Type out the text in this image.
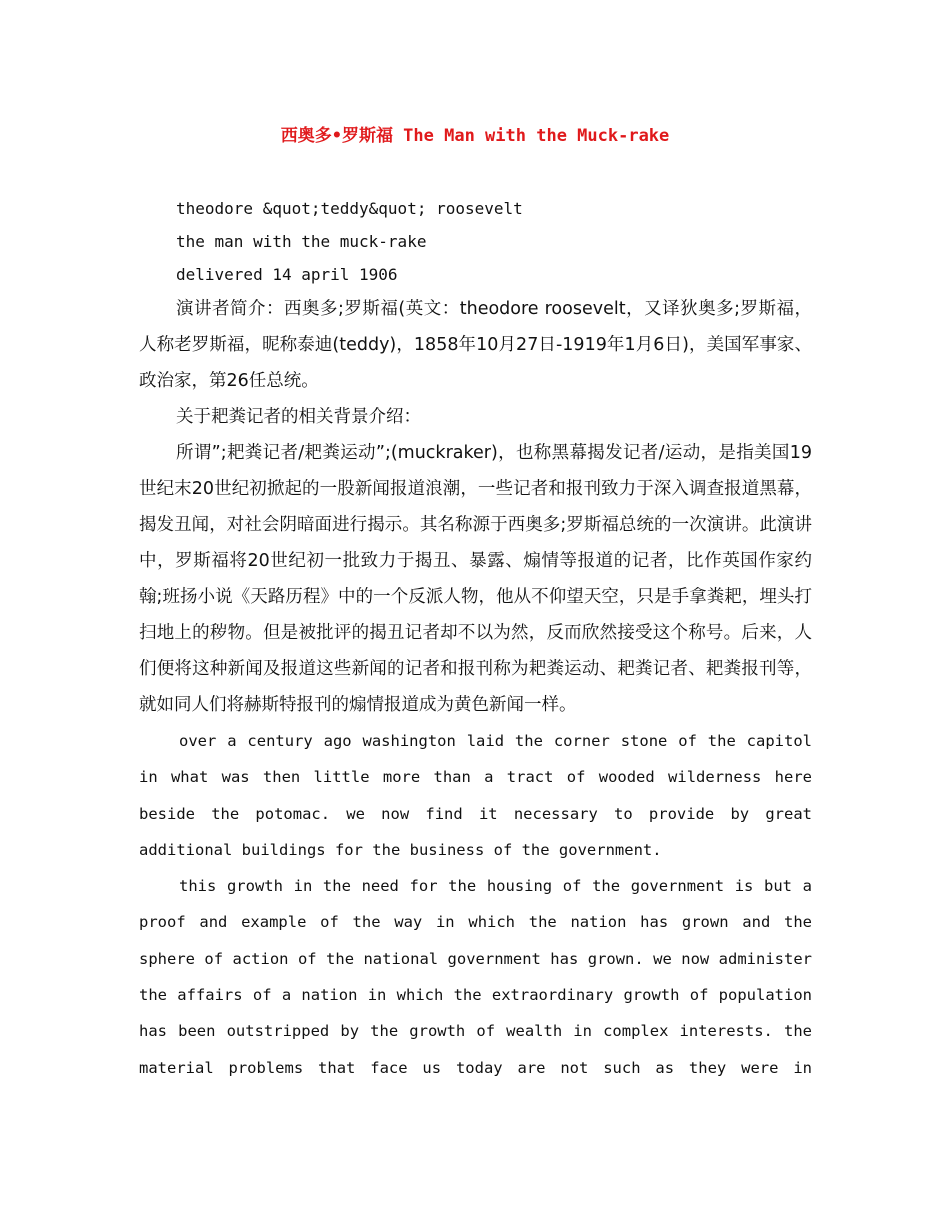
西奥多•罗斯福 The Man with the Muck-rake

theodore &quot;teddy&quot; roosevelt

the man with the muck-rake

delivered 14 april 1906

演讲者简介：西奥多;罗斯福(英文：theodore roosevelt，又译狄奥多;罗斯福，人称老罗斯福，昵称泰迪(teddy)，1858年10月27日-1919年1月6日)，美国军事家、政治家，第26任总统。

关于耙粪记者的相关背景介绍：

所谓”;耙粪记者/耙粪运动”;(muckraker)，也称黑幕揭发记者/运动，是指美国19世纪末20世纪初掀起的一股新闻报道浪潮，一些记者和报刊致力于深入调查报道黑幕，揭发丑闻，对社会阴暗面进行揭示。其名称源于西奥多;罗斯福总统的一次演讲。此演讲中，罗斯福将20世纪初一批致力于揭丑、暴露、煽情等报道的记者，比作英国作家约翰;班扬小说《天路历程》中的一个反派人物，他从不仰望天空，只是手拿粪耙，埋头打扫地上的秽物。但是被批评的揭丑记者却不以为然，反而欣然接受这个称号。后来，人们便将这种新闻及报道这些新闻的记者和报刊称为耙粪运动、耙粪记者、耙粪报刊等，就如同人们将赫斯特报刊的煽情报道成为黄色新闻一样。

over a century ago washington laid the corner stone of the capitol

in what was then little more than a tract of wooded wilderness here

beside the potomac. we now find it necessary to provide by great

additional buildings for the business of the government.

this growth in the need for the housing of the government is but a

proof and example of the way in which the nation has grown and the

sphere of action of the national government has grown. we now administer

the affairs of a nation in which the extraordinary growth of population

has been outstripped by the growth of wealth in complex interests. the

material problems that face us today are not such as they were in
